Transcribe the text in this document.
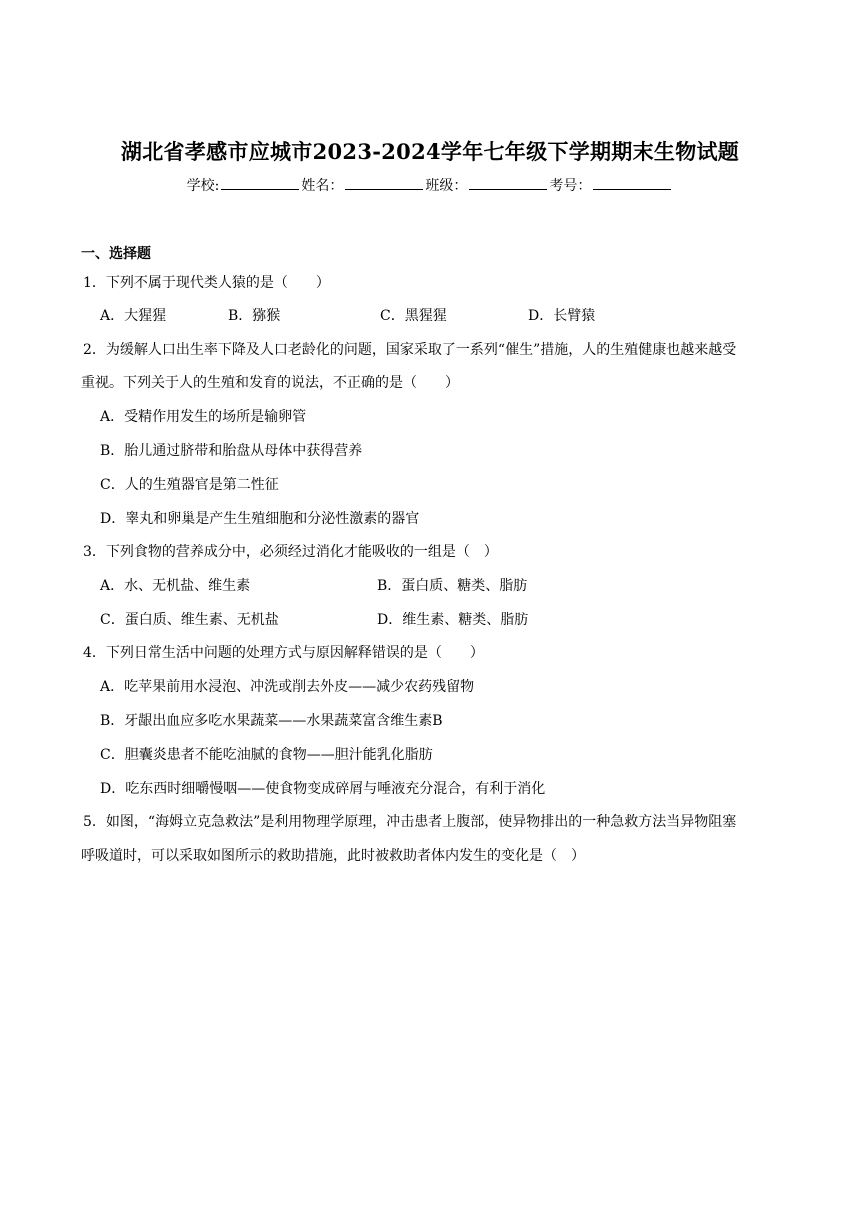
湖北省孝感市应城市2023-2024学年七年级下学期期末生物试题
学校:	姓名：	班级：	考号：
一、选择题
1．下列不属于现代类人猿的是（　　）
A．大猩猩	B．猕猴	C．黑猩猩	D．长臂猿
2．为缓解人口出生率下降及人口老龄化的问题，国家采取了一系列“催生”措施，人的生殖健康也越来越受
重视。下列关于人的生殖和发育的说法，不正确的是（　　）
A．受精作用发生的场所是输卵管
B．胎儿通过脐带和胎盘从母体中获得营养
C．人的生殖器官是第二性征
D．睾丸和卵巢是产生生殖细胞和分泌性激素的器官
3．下列食物的营养成分中，必须经过消化才能吸收的一组是（　）
A．水、无机盐、维生素	B．蛋白质、糖类、脂肪
C．蛋白质、维生素、无机盐	D．维生素、糖类、脂肪
4．下列日常生活中问题的处理方式与原因解释错误的是（　　）
A．吃苹果前用水浸泡、冲洗或削去外皮——减少农药残留物
B．牙龈出血应多吃水果蔬菜——水果蔬菜富含维生素B
C．胆囊炎患者不能吃油腻的食物——胆汁能乳化脂肪
D．吃东西时细嚼慢咽——使食物变成碎屑与唾液充分混合，有利于消化
5．如图，“海姆立克急救法”是利用物理学原理，冲击患者上腹部，使异物排出的一种急救方法当异物阻塞
呼吸道时，可以采取如图所示的救助措施，此时被救助者体内发生的变化是（　）
